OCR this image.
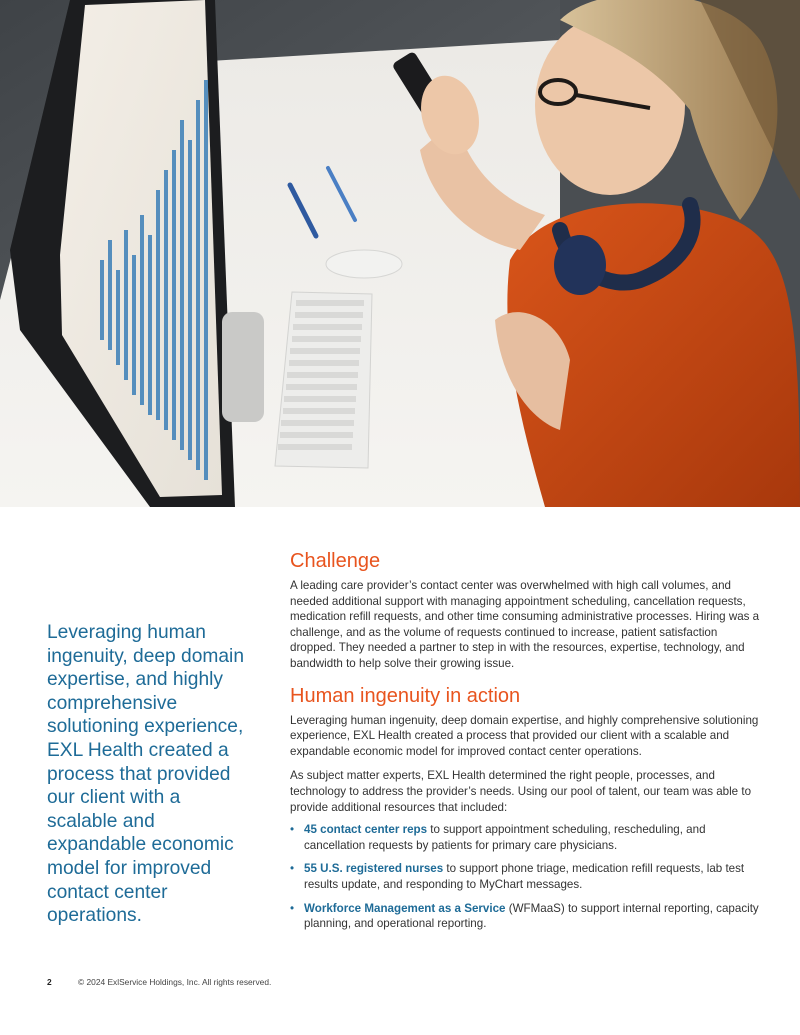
Leveraging human ingenuity, deep domain expertise, and highly comprehensive solutioning experience, EXL Health created a process that provided our client with a scalable and expandable economic model for improved contact center operations.

Challenge

A leading care provider’s contact center was overwhelmed with high call volumes, and needed additional support with managing appointment scheduling, cancellation requests, medication refill requests, and other time consuming administrative processes. Hiring was a challenge, and as the volume of requests continued to increase, patient satisfaction dropped. They needed a partner to step in with the resources, expertise, technology, and bandwidth to help solve their growing issue.

Human ingenuity in action

Leveraging human ingenuity, deep domain expertise, and highly comprehensive solutioning experience, EXL Health created a process that provided our client with a scalable and expandable economic model for improved contact center operations.

As subject matter experts, EXL Health determined the right people, processes, and technology to address the provider’s needs. Using our pool of talent, our team was able to provide additional resources that included:

• 45 contact center reps to support appointment scheduling, rescheduling, and cancellation requests by patients for primary care physicians.
• 55 U.S. registered nurses to support phone triage, medication refill requests, lab test results update, and responding to MyChart messages.
• Workforce Management as a Service (WFMaaS) to support internal reporting, capacity planning, and operational reporting.
2	© 2024 ExlService Holdings, Inc. All rights reserved.
